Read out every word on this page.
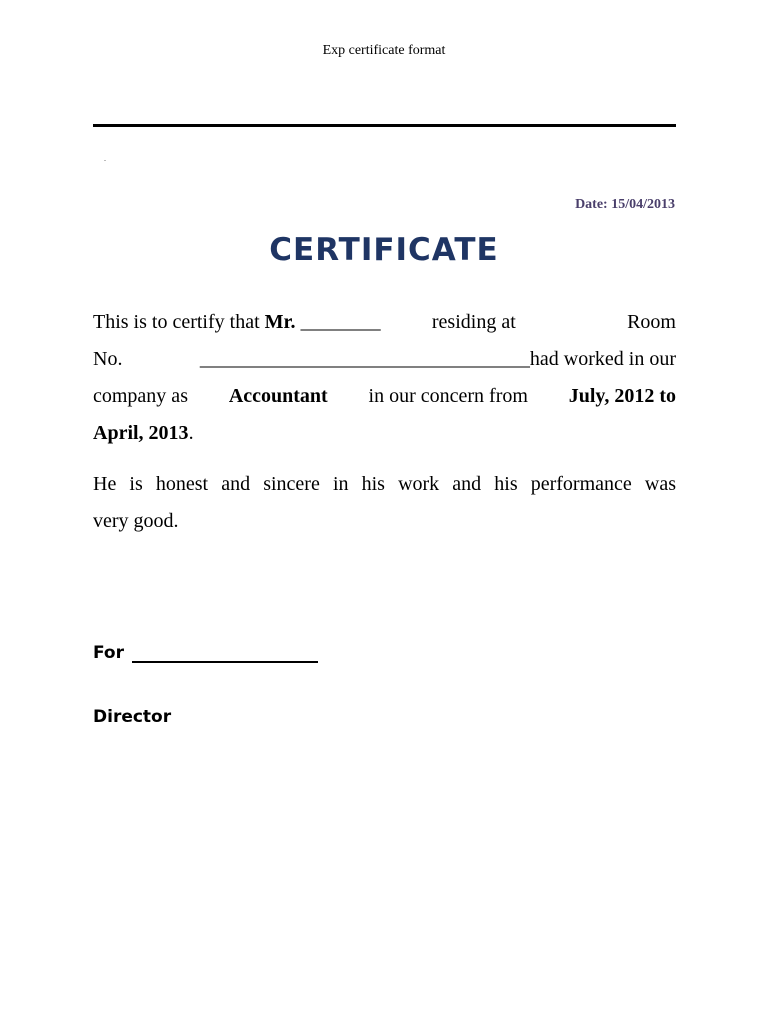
Exp certificate format
Date: 15/04/2013
CERTIFICATE
This is to certify that Mr. ________	residing at	Room
No.	_________________________________had worked in our
company as Accountant in our concern from July, 2012 to
April, 2013.
He is honest and sincere in his work and his performance was
very good.
For
Director
